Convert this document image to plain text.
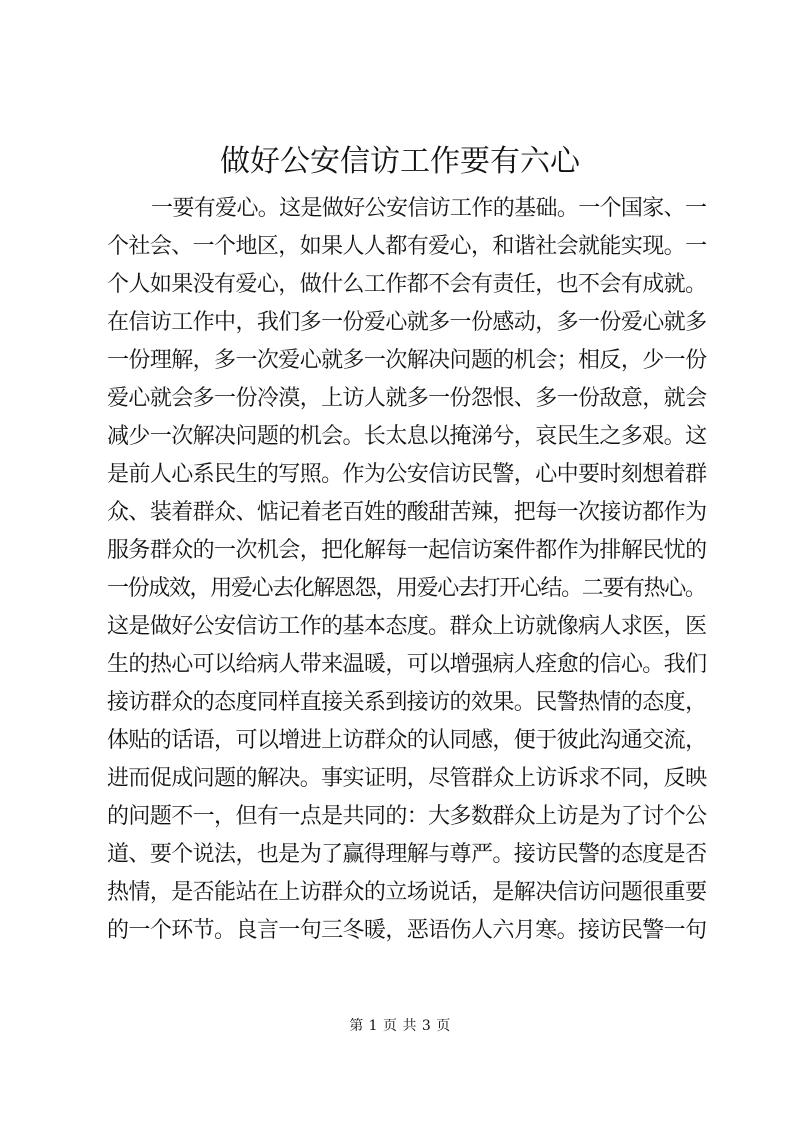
做好公安信访工作要有六心
一要有爱心。这是做好公安信访工作的基础。一个国家、一
个社会、一个地区，如果人人都有爱心，和谐社会就能实现。一
个人如果没有爱心，做什么工作都不会有责任，也不会有成就。
在信访工作中，我们多一份爱心就多一份感动，多一份爱心就多
一份理解，多一次爱心就多一次解决问题的机会；相反，少一份
爱心就会多一份冷漠，上访人就多一份怨恨、多一份敌意，就会
减少一次解决问题的机会。长太息以掩涕兮，哀民生之多艰。这
是前人心系民生的写照。作为公安信访民警，心中要时刻想着群
众、装着群众、惦记着老百姓的酸甜苦辣，把每一次接访都作为
服务群众的一次机会，把化解每一起信访案件都作为排解民忧的
一份成效，用爱心去化解恩怨，用爱心去打开心结。二要有热心。
这是做好公安信访工作的基本态度。群众上访就像病人求医，医
生的热心可以给病人带来温暖，可以增强病人痊愈的信心。我们
接访群众的态度同样直接关系到接访的效果。民警热情的态度，
体贴的话语，可以增进上访群众的认同感，便于彼此沟通交流，
进而促成问题的解决。事实证明，尽管群众上访诉求不同，反映
的问题不一，但有一点是共同的：大多数群众上访是为了讨个公
道、要个说法，也是为了赢得理解与尊严。接访民警的态度是否
热情，是否能站在上访群众的立场说话，是解决信访问题很重要
的一个环节。良言一句三冬暖，恶语伤人六月寒。接访民警一句
第 1 页 共 3 页
